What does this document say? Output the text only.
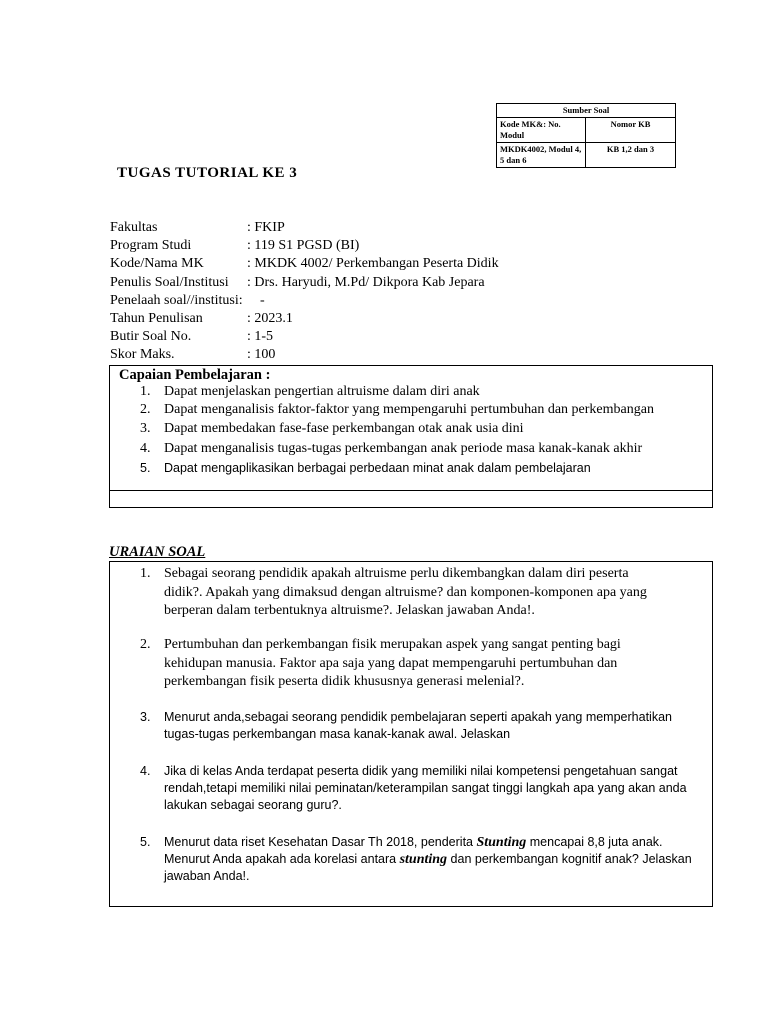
Sumber Soal	
Kode MK&: No. Modul	Nomor KB
MKDK4002, Modul 4, 5 dan 6	KB 1,2 dan 3
TUGAS TUTORIAL KE 3
Fakultas	: FKIP
Program Studi	: 119 S1 PGSD (BI)
Kode/Nama MK	: MKDK 4002/ Perkembangan Peserta Didik
Penulis Soal/Institusi : Drs. Haryudi, M.Pd/ Dikpora Kab Jepara
Penelaah soal//institusi: -
Tahun Penulisan	: 2023.1
Butir Soal No.	: 1-5
Skor Maks.	: 100
Capaian Pembelajaran :
1. Dapat menjelaskan pengertian altruisme dalam diri anak
2. Dapat menganalisis faktor-faktor yang mempengaruhi pertumbuhan dan perkembangan
3. Dapat membedakan fase-fase perkembangan otak anak usia dini
4. Dapat menganalisis tugas-tugas perkembangan anak periode masa kanak-kanak akhir
5. Dapat mengaplikasikan berbagai perbedaan minat anak dalam pembelajaran
URAIAN SOAL
1. Sebagai seorang pendidik apakah altruisme perlu dikembangkan dalam diri peserta
didik?. Apakah yang dimaksud dengan altruisme? dan komponen-komponen apa yang
berperan dalam terbentuknya altruisme?. Jelaskan jawaban Anda!.
2. Pertumbuhan dan perkembangan fisik merupakan aspek yang sangat penting bagi
kehidupan manusia. Faktor apa saja yang dapat mempengaruhi pertumbuhan dan
perkembangan fisik peserta didik khususnya generasi melenial?.
3. Menurut anda,sebagai seorang pendidik pembelajaran seperti apakah yang memperhatikan
tugas-tugas perkembangan masa kanak-kanak awal. Jelaskan
4. Jika di kelas Anda terdapat peserta didik yang memiliki nilai kompetensi pengetahuan sangat
rendah,tetapi memiliki nilai peminatan/keterampilan sangat tinggi langkah apa yang akan anda
lakukan sebagai seorang guru?.
5. Menurut data riset Kesehatan Dasar Th 2018, penderita Stunting mencapai 8,8 juta anak.
Menurut Anda apakah ada korelasi antara stunting dan perkembangan kognitif anak? Jelaskan
jawaban Anda!.
